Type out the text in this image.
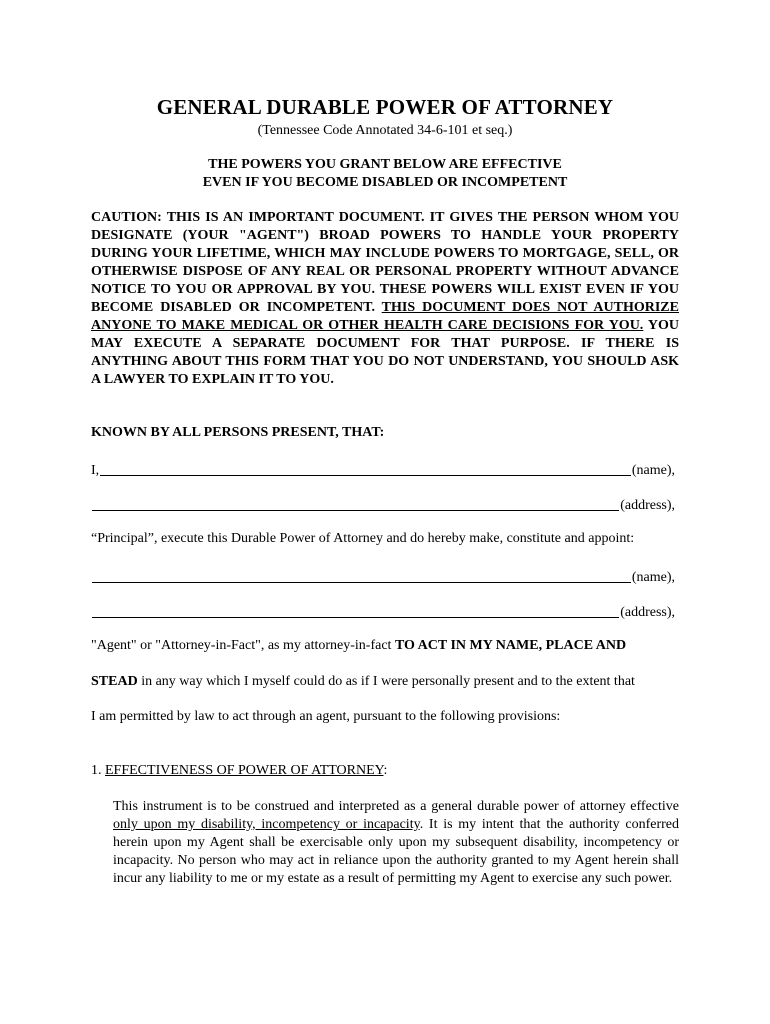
GENERAL DURABLE POWER OF ATTORNEY
(Tennessee Code Annotated 34-6-101 et seq.)
THE POWERS YOU GRANT BELOW ARE EFFECTIVE
EVEN IF YOU BECOME DISABLED OR INCOMPETENT
CAUTION: THIS IS AN IMPORTANT DOCUMENT. IT GIVES THE PERSON WHOM YOU DESIGNATE (YOUR "AGENT") BROAD POWERS TO HANDLE YOUR PROPERTY DURING YOUR LIFETIME, WHICH MAY INCLUDE POWERS TO MORTGAGE, SELL, OR OTHERWISE DISPOSE OF ANY REAL OR PERSONAL PROPERTY WITHOUT ADVANCE NOTICE TO YOU OR APPROVAL BY YOU. THESE POWERS WILL EXIST EVEN IF YOU BECOME DISABLED OR INCOMPETENT. THIS DOCUMENT DOES NOT AUTHORIZE ANYONE TO MAKE MEDICAL OR OTHER HEALTH CARE DECISIONS FOR YOU. YOU MAY EXECUTE A SEPARATE DOCUMENT FOR THAT PURPOSE. IF THERE IS ANYTHING ABOUT THIS FORM THAT YOU DO NOT UNDERSTAND, YOU SHOULD ASK A LAWYER TO EXPLAIN IT TO YOU.
KNOWN BY ALL PERSONS PRESENT, THAT:
I,	(name),
(address),
“Principal”, execute this Durable Power of Attorney and do hereby make, constitute and appoint:
(name),
(address),
"Agent" or "Attorney-in-Fact", as my attorney-in-fact TO ACT IN MY NAME, PLACE AND
STEAD in any way which I myself could do as if I were personally present and to the extent that
I am permitted by law to act through an agent, pursuant to the following provisions:
1. EFFECTIVENESS OF POWER OF ATTORNEY:
This instrument is to be construed and interpreted as a general durable power of attorney effective only upon my disability, incompetency or incapacity. It is my intent that the authority conferred herein upon my Agent shall be exercisable only upon my subsequent disability, incompetency or incapacity. No person who may act in reliance upon the authority granted to my Agent herein shall incur any liability to me or my estate as a result of permitting my Agent to exercise any such power.
